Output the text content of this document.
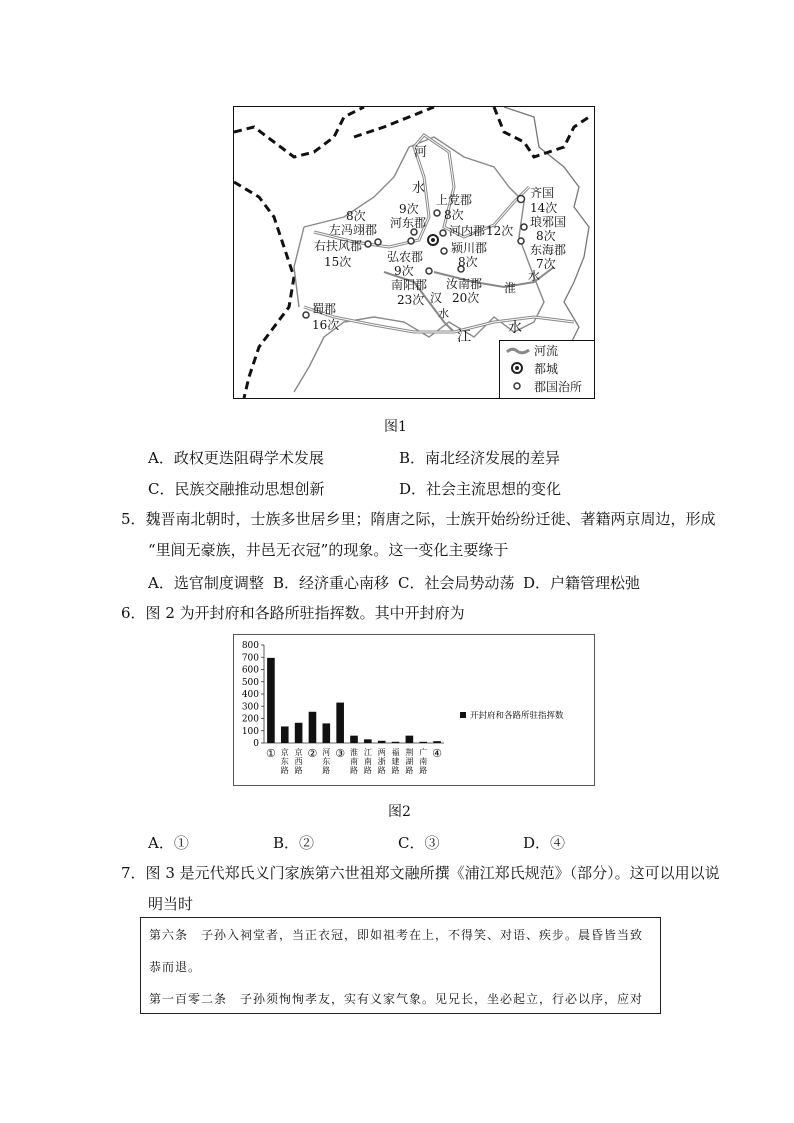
河
水
上党郡
8次
齐国
14次
琅邪国
8次
东海郡
7次
8次
左冯翊郡
9次
河东郡
河内郡 12次
右扶风郡
15次	弘农郡
9次
颍川郡
8次
南阳郡
23次
汝南郡
20次
汉
水
淮
水
蜀郡
16次
江
水
河流
都城
郡国治所
图1
A．政权更迭阻碍学术发展	B．南北经济发展的差异
C．民族交融推动思想创新	D．社会主流思想的变化
5．魏晋南北朝时，士族多世居乡里；隋唐之际，士族开始纷纷迁徙、著籍两京周边，形成
“里闾无豪族，井邑无衣冠”的现象。这一变化主要缘于
A．选官制度调整 B．经济重心南移 C．社会局势动荡 D．户籍管理松弛
6．图 2 为开封府和各路所驻指挥数。其中开封府为
0
100
200
300
400
500
600
700
800
① 京东路
京西路
② 河东路
③ 淮南路
江南路
两浙路
福建路
荆湖路
广南路
④
开封府和各路所驻指挥数
图2
A．①	B．②	C．③	D．④
7．图 3 是元代郑氏义门家族第六世祖郑文融所撰《浦江郑氏规范》（部分）。这可以用以说
明当时
第六条　子孙入祠堂者，当正衣冠，即如祖考在上，不得笑、对语、疾步。晨昏皆当致
恭而退。
第一百零二条　子孙须恂恂孝友，实有义家气象。见兄长，坐必起立，行必以序，应对
